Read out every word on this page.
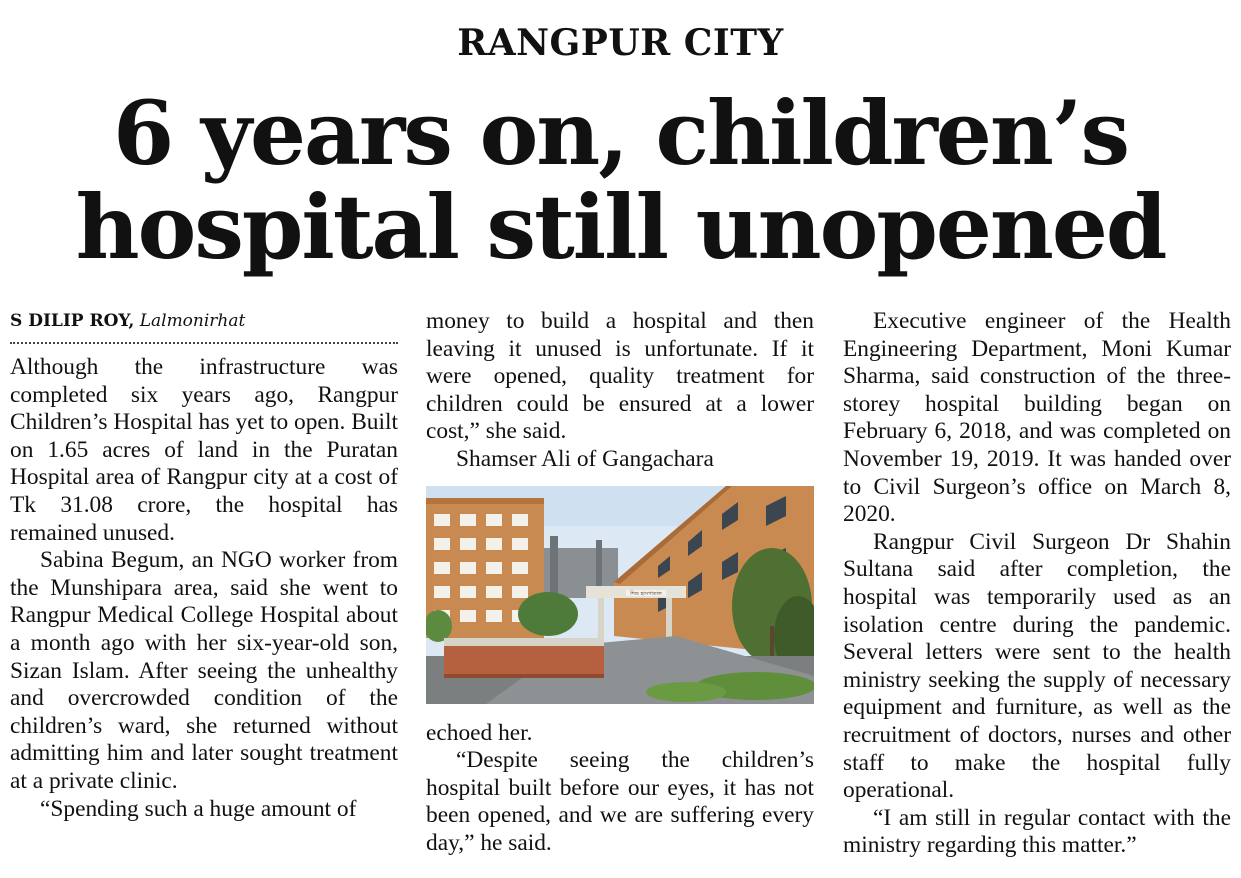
RANGPUR CITY
6 years on, children’s
hospital still unopened
S DILIP ROY, Lalmonirhat

Although the infrastructure was completed six years ago, Rangpur Children’s Hospital has yet to open. Built on 1.65 acres of land in the Puratan Hospital area of Rangpur city at a cost of Tk 31.08 crore, the hospital has remained unused.

Sabina Begum, an NGO worker from the Munshipara area, said she went to Rangpur Medical College Hospital about a month ago with her six-year-old son, Sizan Islam. After seeing the unhealthy and overcrowded condition of the children’s ward, she returned without admitting him and later sought treatment at a private clinic.

“Spending such a huge amount of

money to build a hospital and then leaving it unused is unfortunate. If it were opened, quality treatment for children could be ensured at a lower cost,” she said.

Shamser Ali of Gangachara

শিশু হাসপাতাল

echoed her.

“Despite seeing the children’s hospital built before our eyes, it has not been opened, and we are suffering every day,” he said.

Executive engineer of the Health Engineering Department, Moni Kumar Sharma, said construction of the three-storey hospital building began on February 6, 2018, and was completed on November 19, 2019. It was handed over to Civil Surgeon’s office on March 8, 2020.

Rangpur Civil Surgeon Dr Shahin Sultana said after completion, the hospital was temporarily used as an isolation centre during the pandemic. Several letters were sent to the health ministry seeking the supply of necessary equipment and furniture, as well as the recruitment of doctors, nurses and other staff to make the hospital fully operational.

“I am still in regular contact with the ministry regarding this matter.”
